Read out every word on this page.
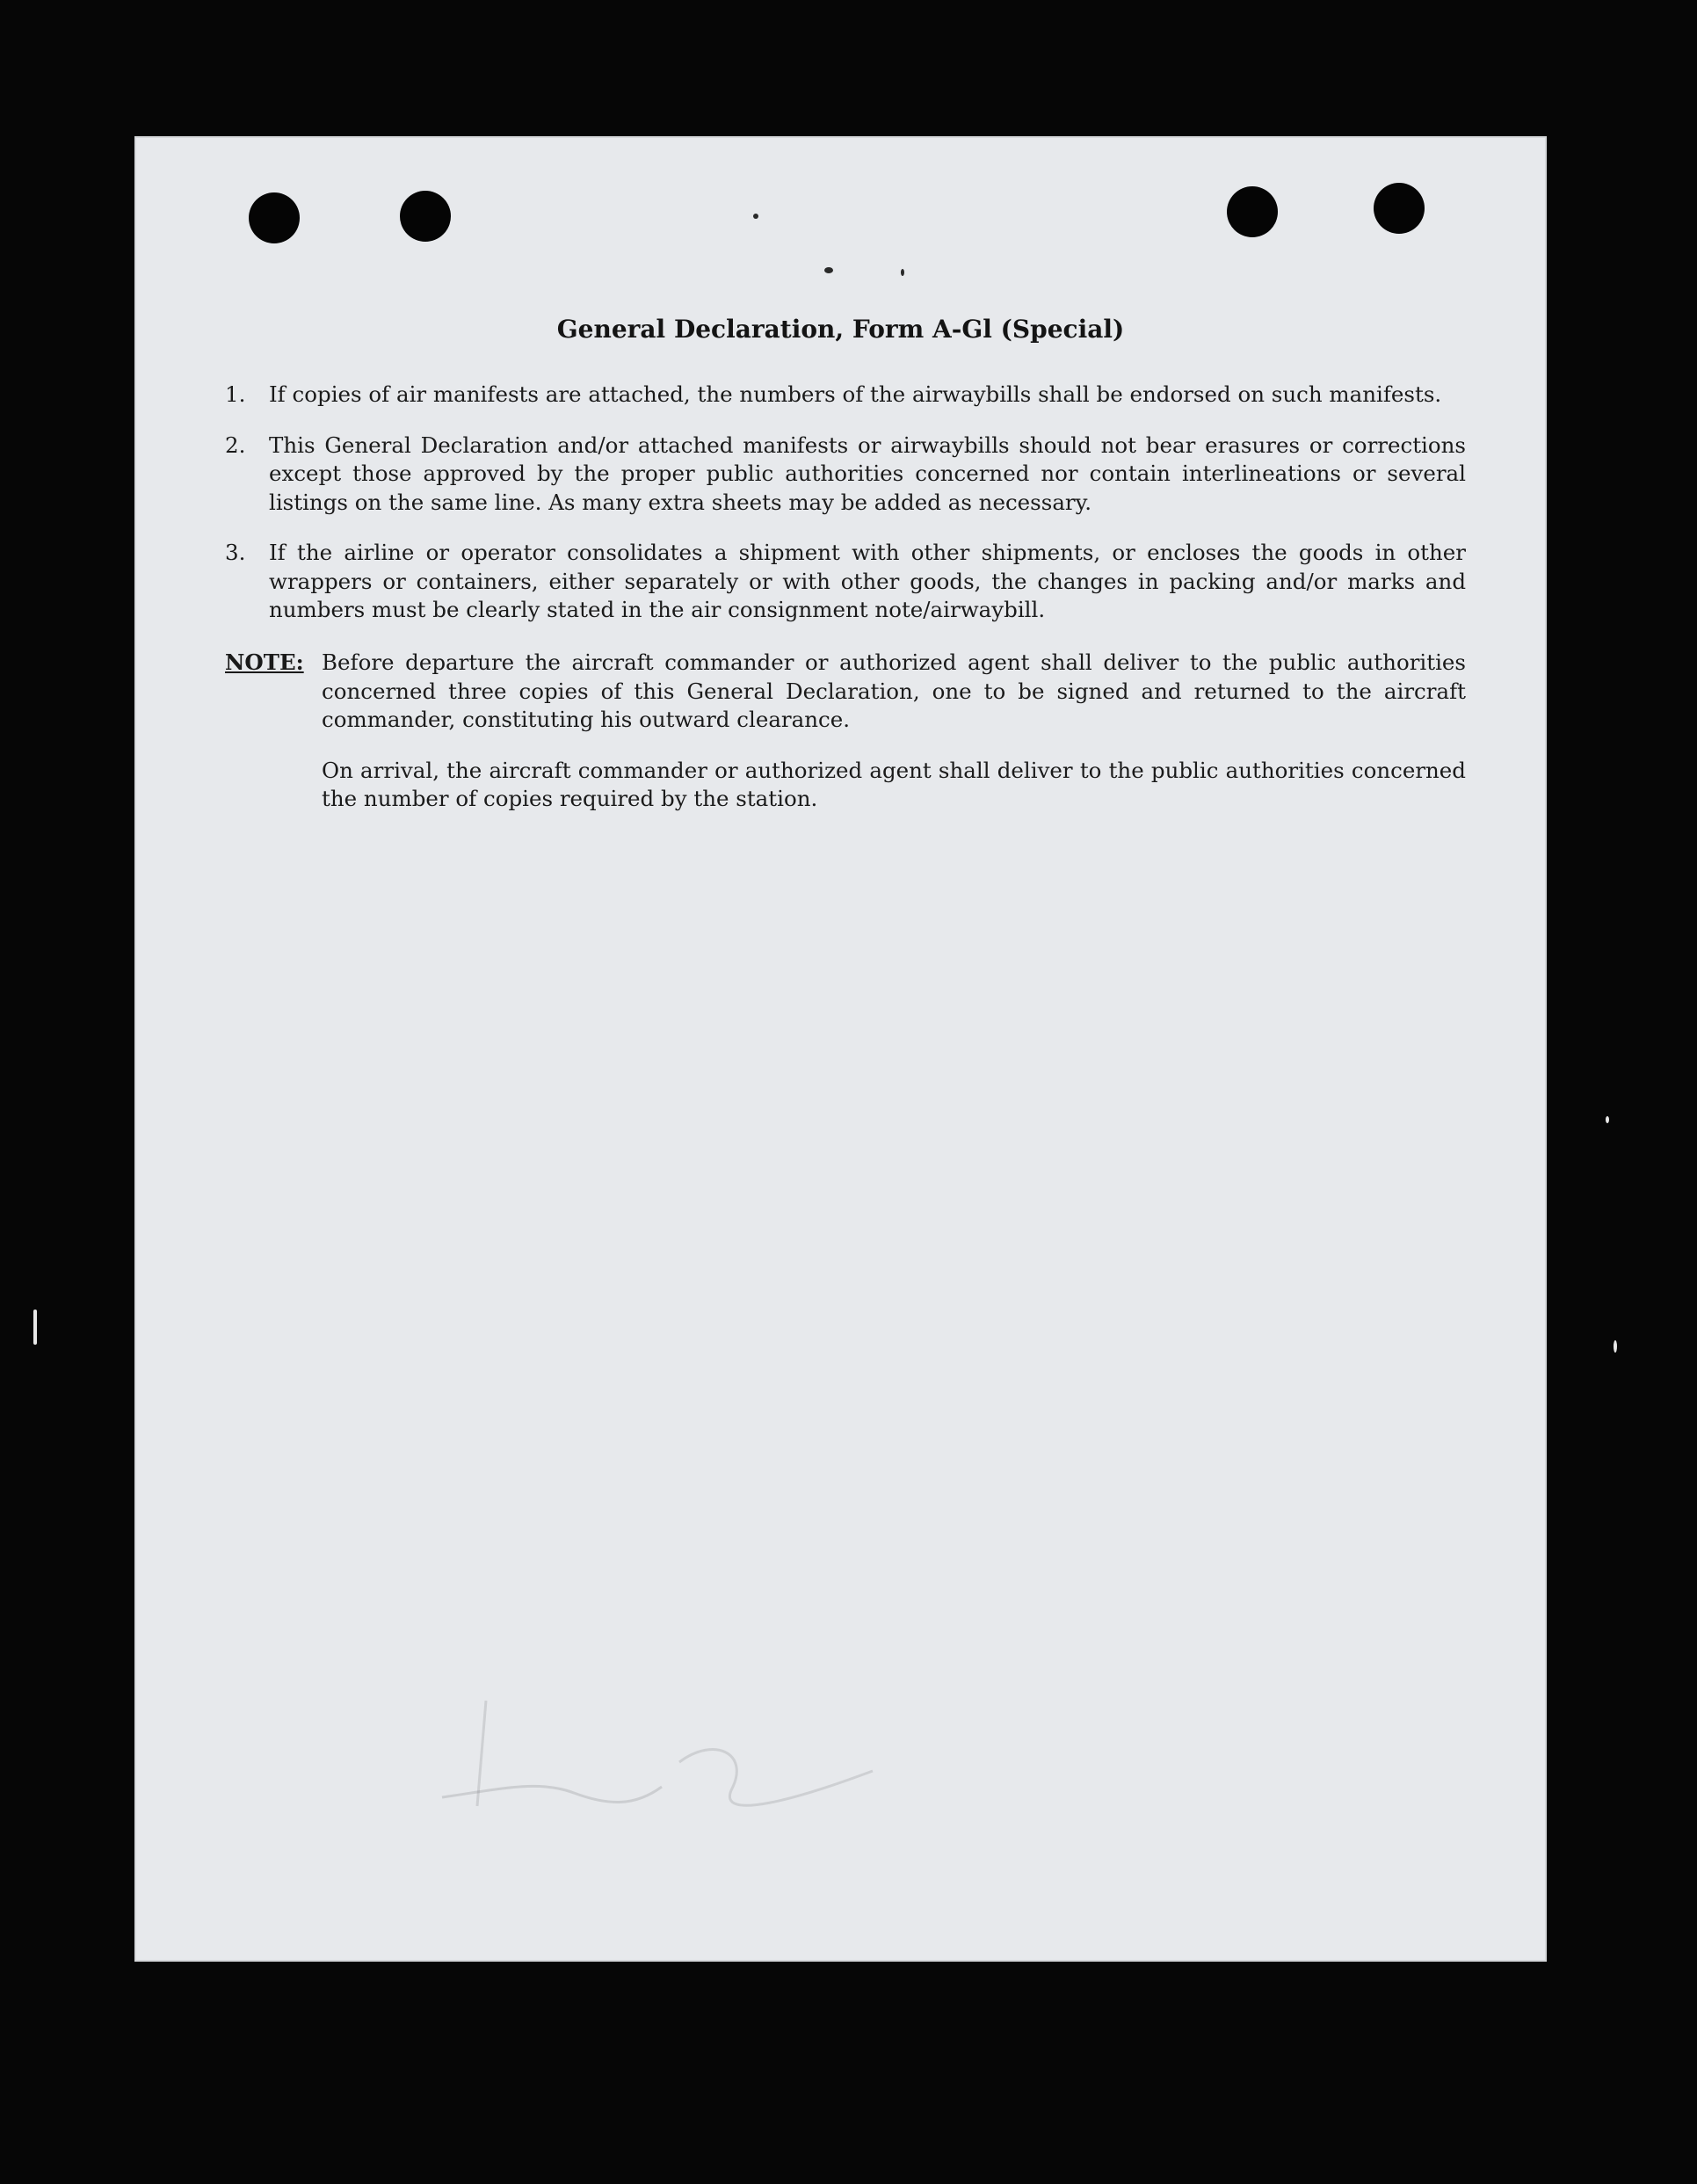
General Declaration, Form A-Gl (Special)
1. If copies of air manifests are attached, the numbers of the airwaybills shall be endorsed on such manifests.
2. This General Declaration and/or attached manifests or airwaybills should not bear erasures or corrections except those approved by the proper public authorities concerned nor contain interlineations or several listings on the same line. As many extra sheets may be added as necessary.
3. If the airline or operator consolidates a shipment with other shipments, or encloses the goods in other wrappers or containers, either separately or with other goods, the changes in packing and/or marks and numbers must be clearly stated in the air consignment note/airwaybill.
NOTE: Before departure the aircraft commander or authorized agent shall deliver to the public authorities concerned three copies of this General Declaration, one to be signed and returned to the aircraft commander, constituting his outward clearance.

On arrival, the aircraft commander or authorized agent shall deliver to the public authorities concerned the number of copies required by the station.
